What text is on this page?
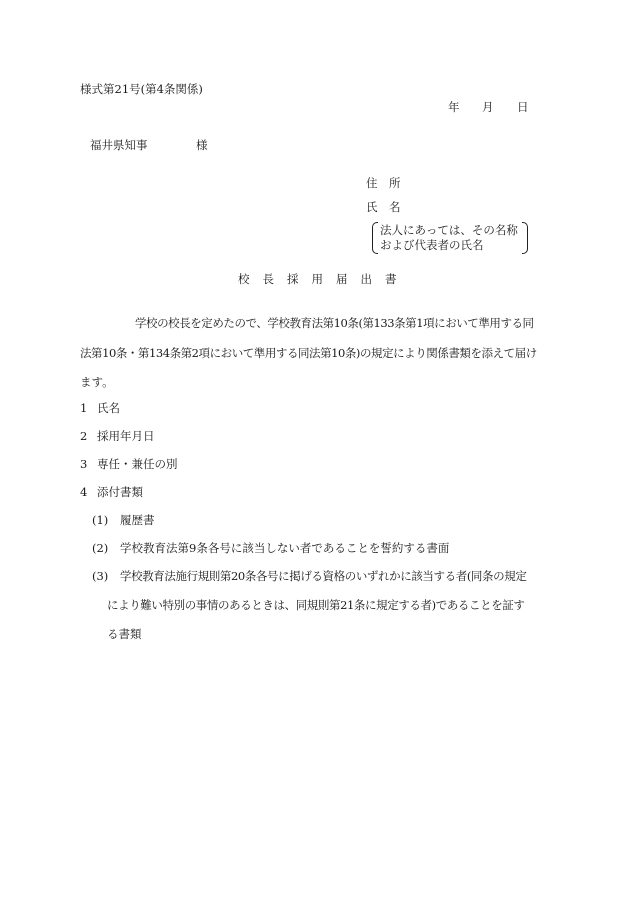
様式第21号(第4条関係)
年 月 日
福井県知事	様
住 所
氏 名
法人にあっては、その名称
および代表者の氏名
校 長 採 用 届 出 書
学校の校長を定めたので、学校教育法第10条(第133条第1項において準用する同
法第10条・第134条第2項において準用する同法第10条)の規定により関係書類を添えて届け
ます。
1 氏名
2 採用年月日
3 専任・兼任の別
4 添付書類
(1) 履歴書
(2) 学校教育法第9条各号に該当しない者であることを誓約する書面
(3) 学校教育法施行規則第20条各号に掲げる資格のいずれかに該当する者(同条の規定
により難い特別の事情のあるときは、同規則第21条に規定する者)であることを証す
る書類
